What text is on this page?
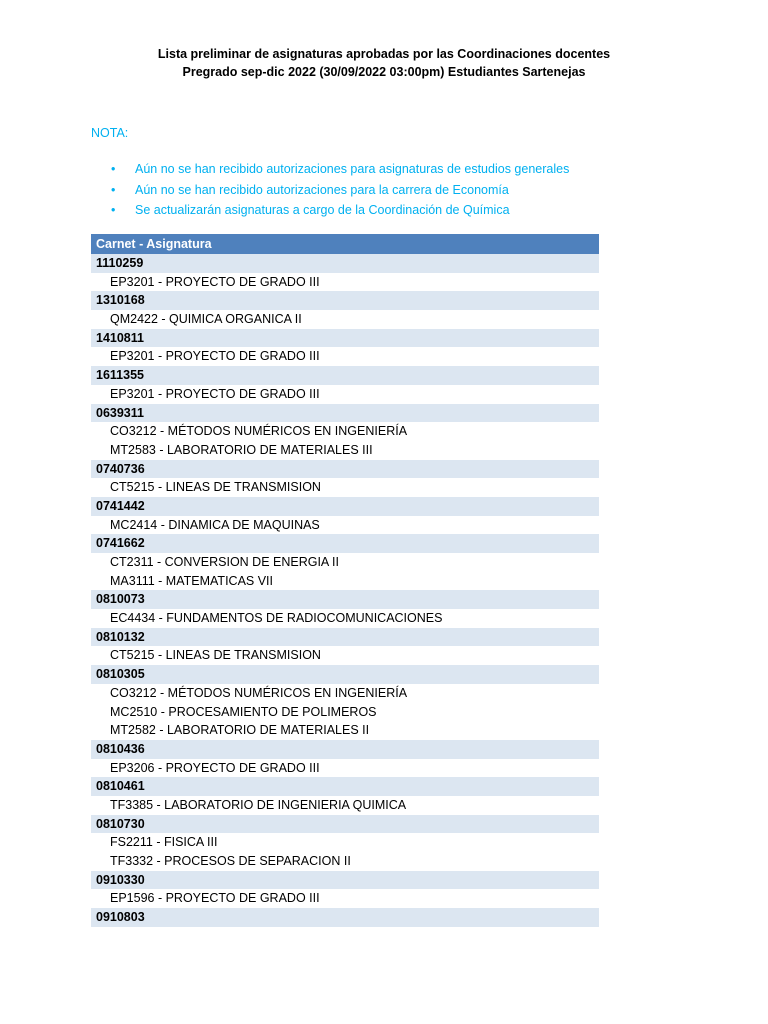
Lista preliminar de asignaturas aprobadas por las Coordinaciones docentes
Pregrado sep-dic 2022 (30/09/2022 03:00pm) Estudiantes Sartenejas
NOTA:
• Aún no se han recibido autorizaciones para asignaturas de estudios generales
• Aún no se han recibido autorizaciones para la carrera de Economía
• Se actualizarán asignaturas a cargo de la Coordinación de Química
Carnet - Asignatura
1110259
EP3201 - PROYECTO DE GRADO III
1310168
QM2422 - QUIMICA ORGANICA II
1410811
EP3201 - PROYECTO DE GRADO III
1611355
EP3201 - PROYECTO DE GRADO III
0639311
CO3212 - MÉTODOS NUMÉRICOS EN INGENIERÍA
MT2583 - LABORATORIO DE MATERIALES III
0740736
CT5215 - LINEAS DE TRANSMISION
0741442
MC2414 - DINAMICA DE MAQUINAS
0741662
CT2311 - CONVERSION DE ENERGIA II
MA3111 - MATEMATICAS VII
0810073
EC4434 - FUNDAMENTOS DE RADIOCOMUNICACIONES
0810132
CT5215 - LINEAS DE TRANSMISION
0810305
CO3212 - MÉTODOS NUMÉRICOS EN INGENIERÍA
MC2510 - PROCESAMIENTO DE POLIMEROS
MT2582 - LABORATORIO DE MATERIALES II
0810436
EP3206 - PROYECTO DE GRADO III
0810461
TF3385 - LABORATORIO DE INGENIERIA QUIMICA
0810730
FS2211 - FISICA III
TF3332 - PROCESOS DE SEPARACION II
0910330
EP1596 - PROYECTO DE GRADO III
0910803
